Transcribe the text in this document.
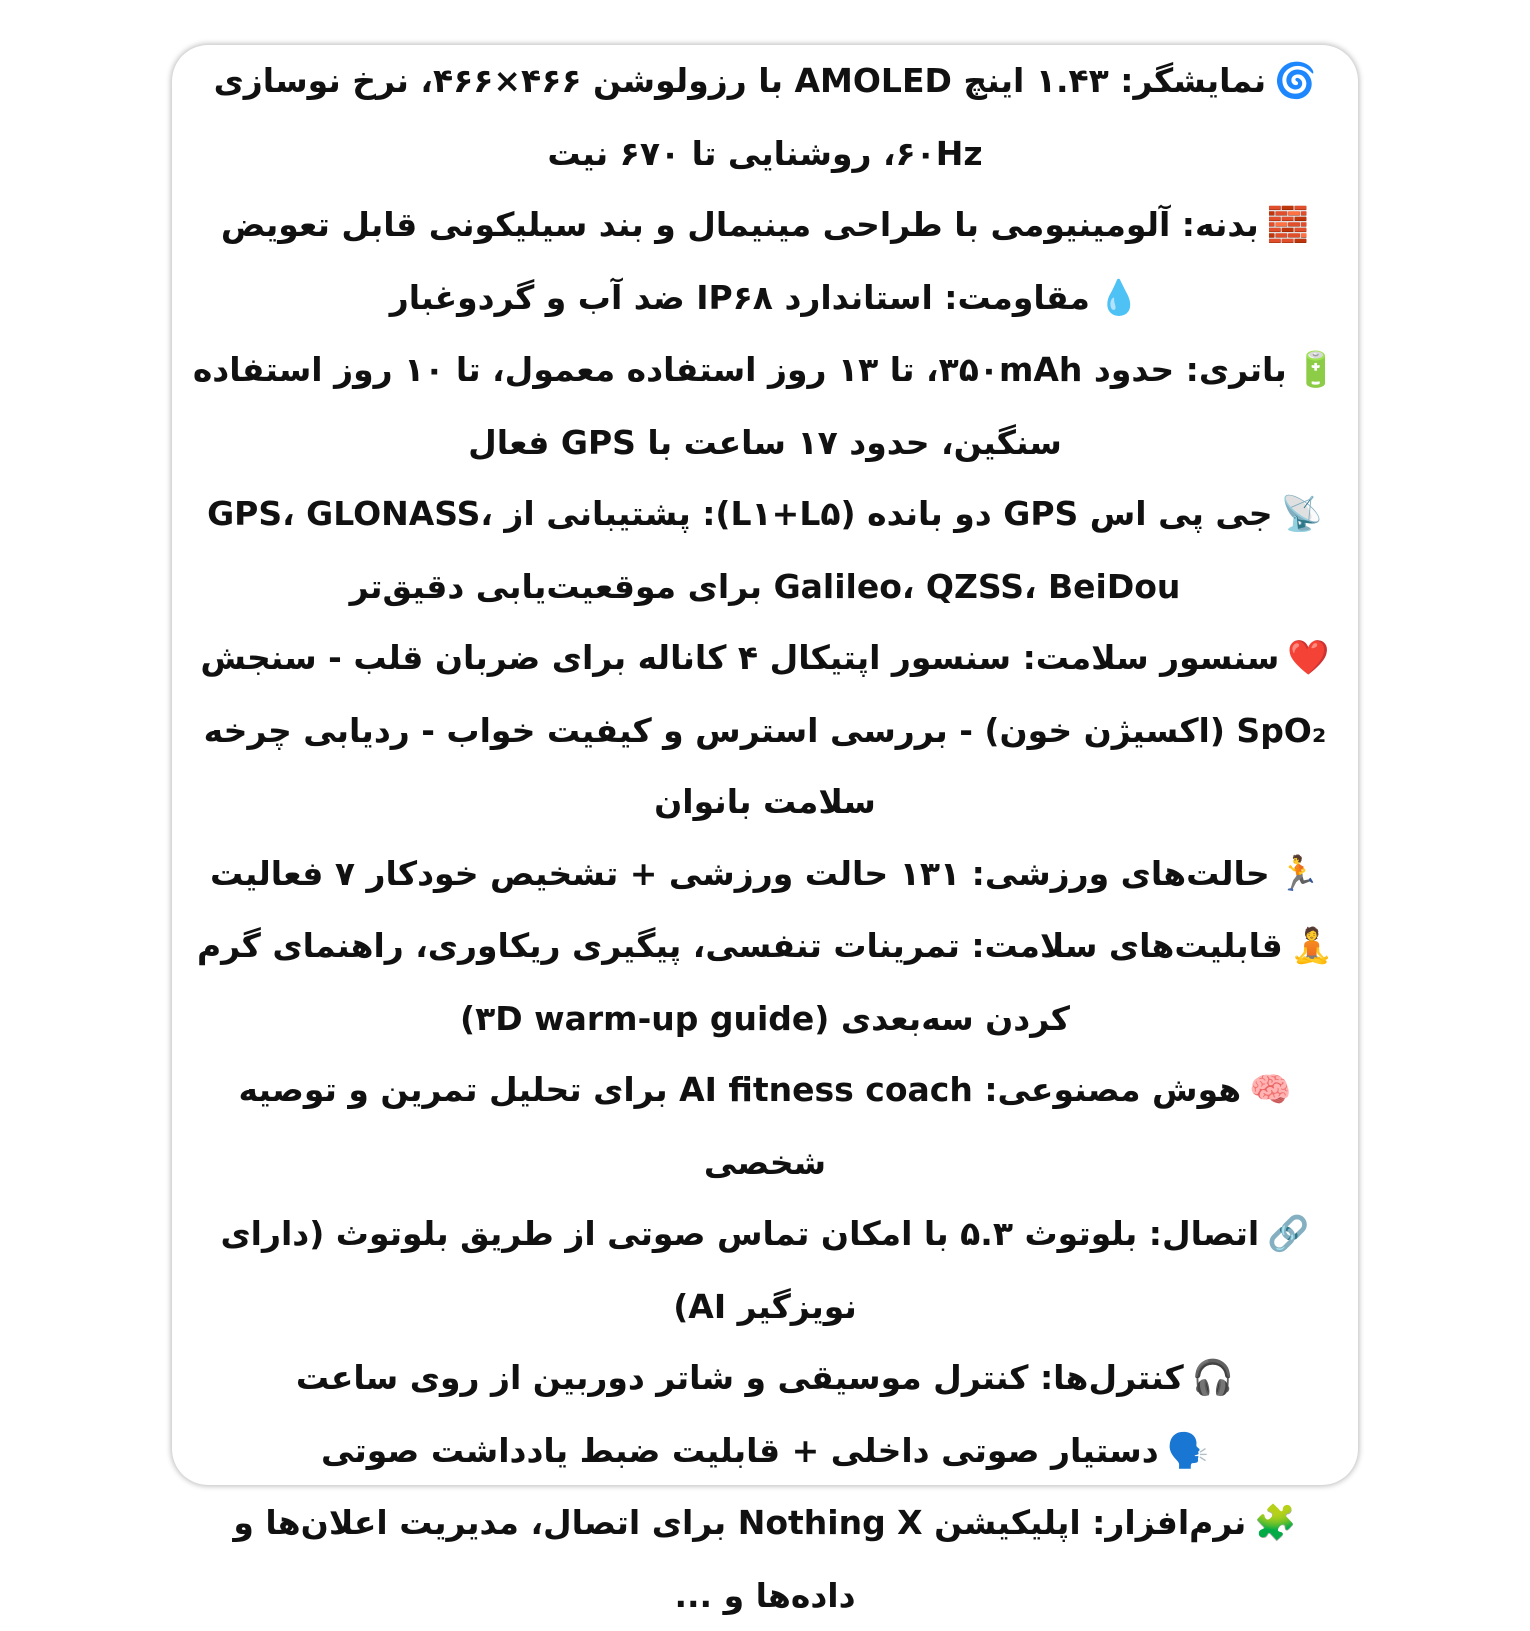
🌀نمایشگر: ۱.۴۳ اینچ AMOLED با رزولوشن ۴۶۶×۴۶۶، نرخ نوسازی ۶۰Hz، روشنایی تا ۶۷۰ نیت

🧱بدنه: آلومینیومی با طراحی مینیمال و بند سیلیکونی قابل تعویض

💧مقاومت: استاندارد IP۶۸ ضد آب و گردوغبار

🔋باتری: حدود ۳۵۰mAh، تا ۱۳ روز استفاده معمول، تا ۱۰ روز استفاده سنگین، حدود ۱۷ ساعت با GPS فعال

📡جی پی اس GPS دو بانده (L۱+L۵): پشتیبانی از GPS، GLONASS، Galileo، QZSS، BeiDou برای موقعیت‌یابی دقیق‌تر

❤️سنسور سلامت: سنسور اپتیکال ۴ کاناله برای ضربان قلب - سنجش SpO₂ (اکسیژن خون) - بررسی استرس و کیفیت خواب - ردیابی چرخه سلامت بانوان

🏃حالت‌های ورزشی: ۱۳۱ حالت ورزشی + تشخیص خودکار ۷ فعالیت

🧘قابلیت‌های سلامت: تمرینات تنفسی، پیگیری ریکاوری، راهنمای گرم کردن سه‌بعدی (۳D warm-up guide)

🧠هوش مصنوعی: AI fitness coach برای تحلیل تمرین و توصیه شخصی

🔗اتصال: بلوتوث ۵.۳ با امکان تماس صوتی از طریق بلوتوث (دارای نویزگیر AI)

🎧کنترل‌ها: کنترل موسیقی و شاتر دوربین از روی ساعت

🗣️دستیار صوتی داخلی + قابلیت ضبط یادداشت صوتی

🧩نرم‌افزار: اپلیکیشن Nothing X برای اتصال، مدیریت اعلان‌ها و داده‌ها و ...
